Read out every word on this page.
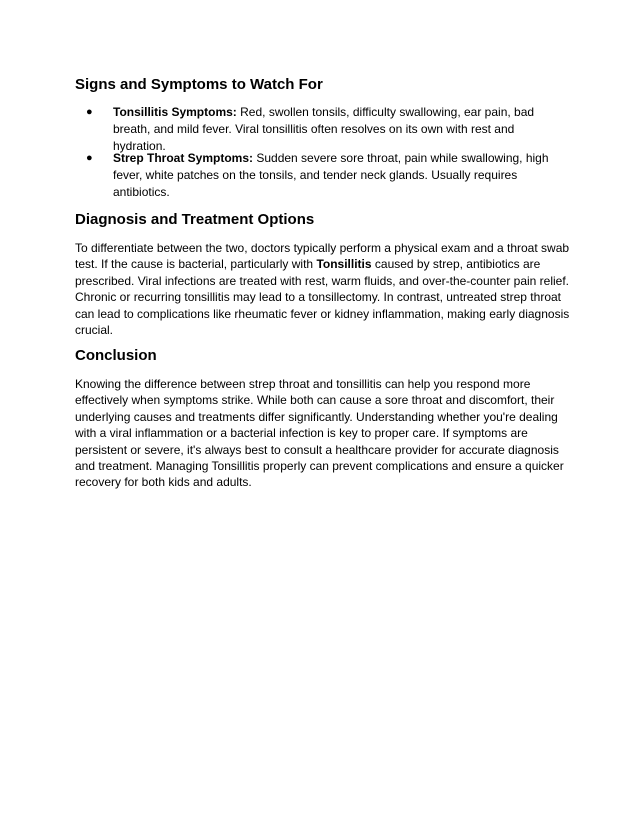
Signs and Symptoms to Watch For
● Tonsillitis Symptoms: Red, swollen tonsils, difficulty swallowing, ear pain, bad breath, and mild fever. Viral tonsillitis often resolves on its own with rest and hydration.
● Strep Throat Symptoms: Sudden severe sore throat, pain while swallowing, high fever, white patches on the tonsils, and tender neck glands. Usually requires antibiotics.
Diagnosis and Treatment Options

To differentiate between the two, doctors typically perform a physical exam and a throat swab test. If the cause is bacterial, particularly with Tonsillitis caused by strep, antibiotics are prescribed. Viral infections are treated with rest, warm fluids, and over-the-counter pain relief. Chronic or recurring tonsillitis may lead to a tonsillectomy. In contrast, untreated strep throat can lead to complications like rheumatic fever or kidney inflammation, making early diagnosis crucial.

Conclusion

Knowing the difference between strep throat and tonsillitis can help you respond more effectively when symptoms strike. While both can cause a sore throat and discomfort, their underlying causes and treatments differ significantly. Understanding whether you're dealing with a viral inflammation or a bacterial infection is key to proper care. If symptoms are persistent or severe, it's always best to consult a healthcare provider for accurate diagnosis and treatment. Managing Tonsillitis properly can prevent complications and ensure a quicker recovery for both kids and adults.
